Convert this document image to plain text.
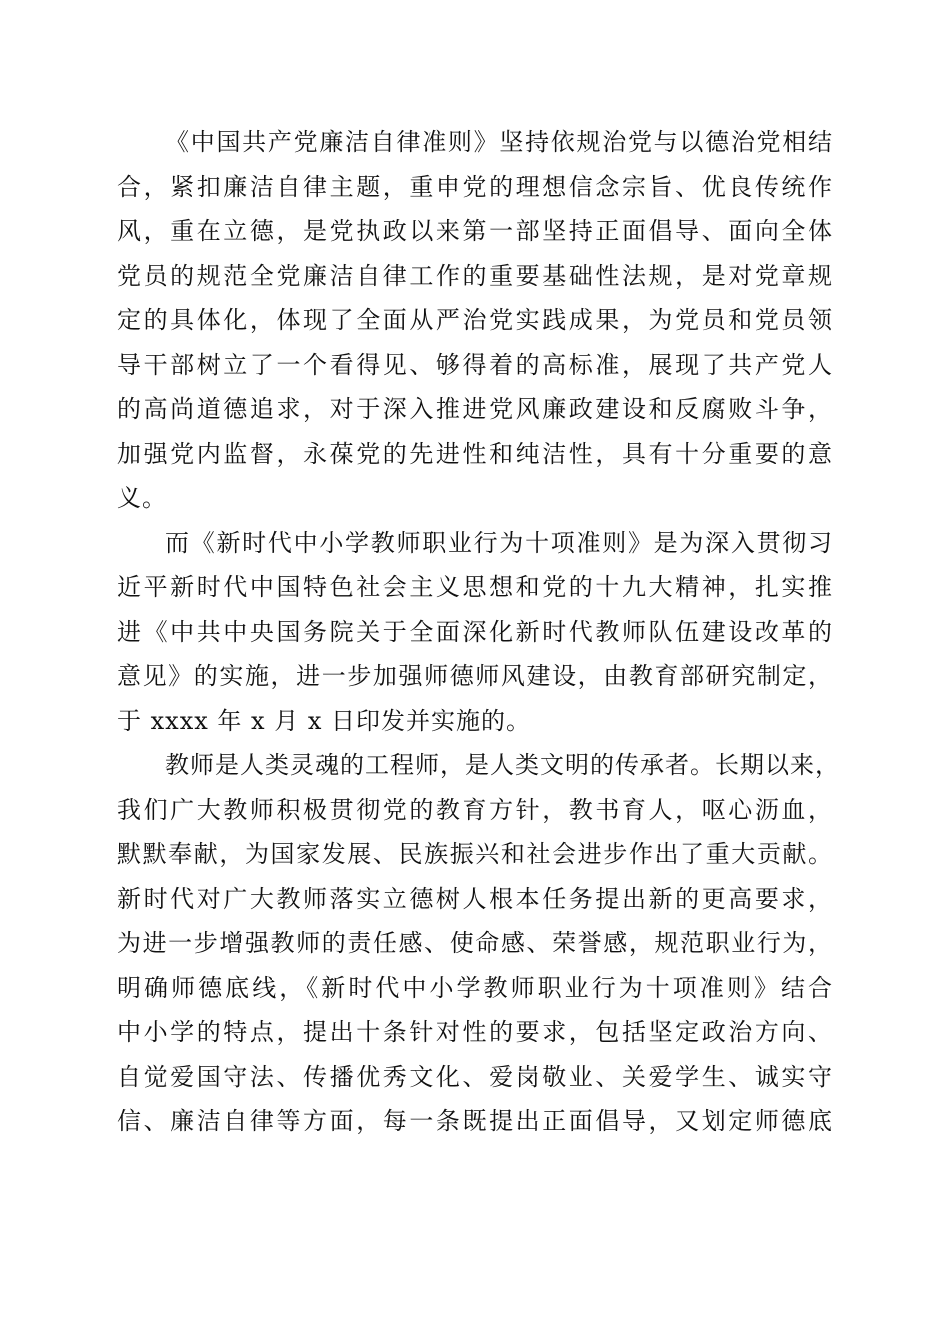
《中国共产党廉洁自律准则》坚持依规治党与以德治党相结
合，紧扣廉洁自律主题，重申党的理想信念宗旨、优良传统作
风，重在立德，是党执政以来第一部坚持正面倡导、面向全体
党员的规范全党廉洁自律工作的重要基础性法规，是对党章规
定的具体化，体现了全面从严治党实践成果，为党员和党员领
导干部树立了一个看得见、够得着的高标准，展现了共产党人
的高尚道德追求，对于深入推进党风廉政建设和反腐败斗争，
加强党内监督，永葆党的先进性和纯洁性，具有十分重要的意
义。
而《新时代中小学教师职业行为十项准则》是为深入贯彻习
近平新时代中国特色社会主义思想和党的十九大精神，扎实推
进《中共中央国务院关于全面深化新时代教师队伍建设改革的
意见》的实施，进一步加强师德师风建设，由教育部研究制定，
于 xxxx 年 x 月 x 日印发并实施的。
教师是人类灵魂的工程师，是人类文明的传承者。长期以来，
我们广大教师积极贯彻党的教育方针，教书育人，呕心沥血，
默默奉献，为国家发展、民族振兴和社会进步作出了重大贡献。
新时代对广大教师落实立德树人根本任务提出新的更高要求，
为进一步增强教师的责任感、使命感、荣誉感，规范职业行为，
明确师德底线，《新时代中小学教师职业行为十项准则》结合
中小学的特点，提出十条针对性的要求，包括坚定政治方向、
自觉爱国守法、传播优秀文化、爱岗敬业、关爱学生、诚实守
信、廉洁自律等方面，每一条既提出正面倡导，又划定师德底
